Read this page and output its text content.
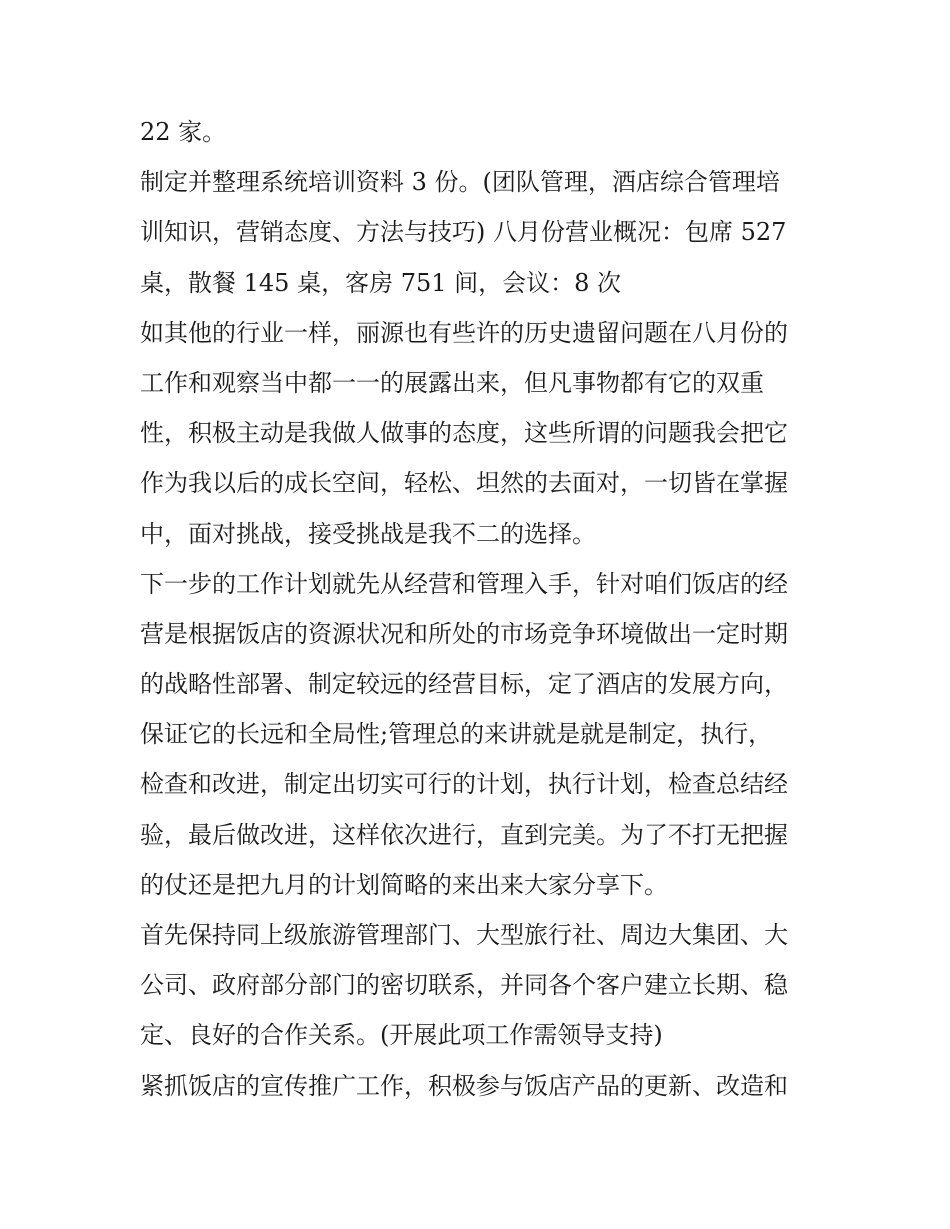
22 家。
制定并整理系统培训资料 3 份。(团队管理，酒店综合管理培
训知识，营销态度、方法与技巧) 八月份营业概况：包席 527
桌，散餐 145 桌，客房 751 间，会议：8 次
如其他的行业一样，丽源也有些许的历史遗留问题在八月份的
工作和观察当中都一一的展露出来，但凡事物都有它的双重
性，积极主动是我做人做事的态度，这些所谓的问题我会把它
作为我以后的成长空间，轻松、坦然的去面对，一切皆在掌握
中，面对挑战，接受挑战是我不二的选择。
下一步的工作计划就先从经营和管理入手，针对咱们饭店的经
营是根据饭店的资源状况和所处的市场竞争环境做出一定时期
的战略性部署、制定较远的经营目标，定了酒店的发展方向，
保证它的长远和全局性;管理总的来讲就是就是制定，执行，
检查和改进，制定出切实可行的计划，执行计划，检查总结经
验，最后做改进，这样依次进行，直到完美。为了不打无把握
的仗还是把九月的计划简略的来出来大家分享下。
首先保持同上级旅游管理部门、大型旅行社、周边大集团、大
公司、政府部分部门的密切联系，并同各个客户建立长期、稳
定、良好的合作关系。(开展此项工作需领导支持)
紧抓饭店的宣传推广工作，积极参与饭店产品的更新、改造和
